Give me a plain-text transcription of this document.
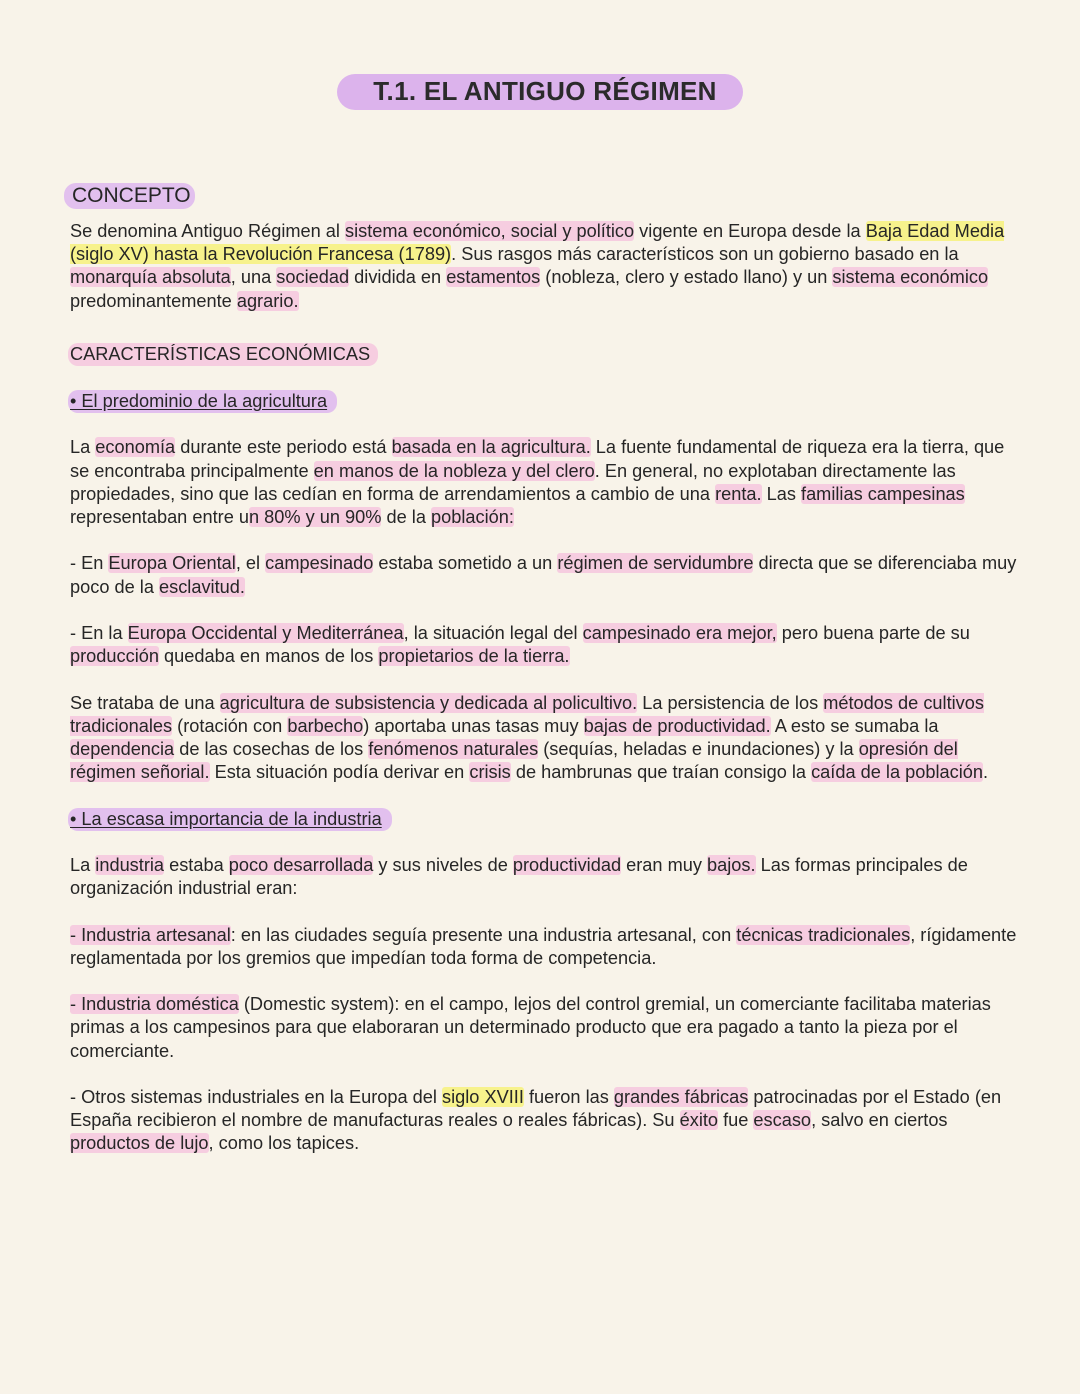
T.1. EL ANTIGUO RÉGIMEN
CONCEPTO

Se denomina Antiguo Régimen al sistema económico, social y político vigente en Europa desde la Baja Edad Media (siglo XV) hasta la Revolución Francesa (1789). Sus rasgos más característicos son un gobierno basado en la monarquía absoluta, una sociedad dividida en estamentos (nobleza, clero y estado llano) y un sistema económico predominantemente agrario.

CARACTERÍSTICAS ECONÓMICAS
• El predominio de la agricultura

La economía durante este periodo está basada en la agricultura. La fuente fundamental de riqueza era la tierra, que se encontraba principalmente en manos de la nobleza y del clero. En general, no explotaban directamente las propiedades, sino que las cedían en forma de arrendamientos a cambio de una renta. Las familias campesinas representaban entre un 80% y un 90% de la población:

- En Europa Oriental, el campesinado estaba sometido a un régimen de servidumbre directa que se diferenciaba muy poco de la esclavitud.

- En la Europa Occidental y Mediterránea, la situación legal del campesinado era mejor, pero buena parte de su producción quedaba en manos de los propietarios de la tierra.

Se trataba de una agricultura de subsistencia y dedicada al policultivo. La persistencia de los métodos de cultivos tradicionales (rotación con barbecho) aportaba unas tasas muy bajas de productividad. A esto se sumaba la dependencia de las cosechas de los fenómenos naturales (sequías, heladas e inundaciones) y la opresión del régimen señorial. Esta situación podía derivar en crisis de hambrunas que traían consigo la caída de la población.

• La escasa importancia de la industria

La industria estaba poco desarrollada y sus niveles de productividad eran muy bajos. Las formas principales de organización industrial eran:

- Industria artesanal: en las ciudades seguía presente una industria artesanal, con técnicas tradicionales, rígidamente reglamentada por los gremios que impedían toda forma de competencia.

- Industria doméstica (Domestic system): en el campo, lejos del control gremial, un comerciante facilitaba materias primas a los campesinos para que elaboraran un determinado producto que era pagado a tanto la pieza por el comerciante.

- Otros sistemas industriales en la Europa del siglo XVIII fueron las grandes fábricas patrocinadas por el Estado (en España recibieron el nombre de manufacturas reales o reales fábricas). Su éxito fue escaso, salvo en ciertos productos de lujo, como los tapices.
